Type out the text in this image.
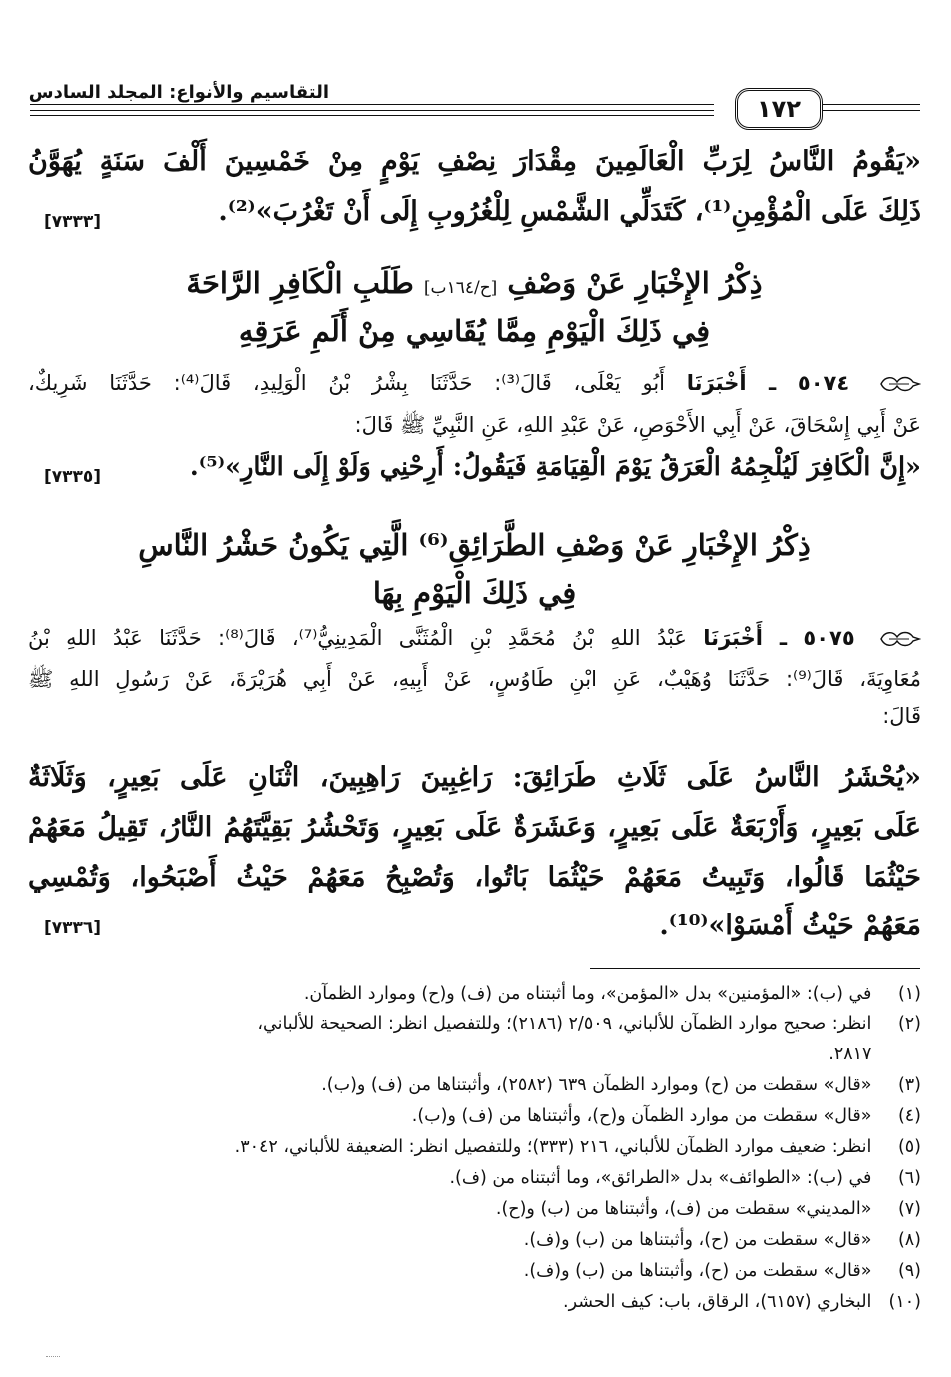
التقاسيم والأنواع: المجلد السادس
١٧٢
«يَقُومُ النَّاسُ لِرَبِّ الْعَالَمِينَ مِقْدَارَ نِصْفِ يَوْمٍ مِنْ خَمْسِينَ أَلْفَ سَنَةٍ يُهَوَّنُ
ذَلِكَ عَلَى الْمُؤْمِنِ⁽¹⁾، كَتَدَلِّي الشَّمْسِ لِلْغُرُوبِ إِلَى أَنْ تَغْرُبَ»⁽²⁾.
[٧٣٣٣]
ذِكْرُ الإِخْبَارِ عَنْ وَصْفِ [ح/١٦٤ب] طَلَبِ الْكَافِرِ الرَّاحَةَ
فِي ذَلِكَ الْيَوْمِ مِمَّا يُقَاسِي مِنْ أَلَمِ عَرَقِهِ
٥٠٧٤ ـ أَخْبَرَنَا أَبُو يَعْلَى، قَالَ⁽³⁾: حَدَّثَنَا بِشْرُ بْنُ الْوَلِيدِ، قَالَ⁽⁴⁾: حَدَّثَنَا شَرِيكٌ،
عَنْ أَبِي إِسْحَاقَ، عَنْ أَبِي الأَحْوَصِ، عَنْ عَبْدِ اللهِ، عَنِ النَّبِيِّ ﷺ قَالَ:
«إِنَّ الْكَافِرَ لَيُلْجِمُهُ الْعَرَقُ يَوْمَ الْقِيَامَةِ فَيَقُولُ: أَرِحْنِي وَلَوْ إِلَى النَّارِ»⁽⁵⁾.
[٧٣٣٥]
ذِكْرُ الإِخْبَارِ عَنْ وَصْفِ الطَّرَائِقِ⁽⁶⁾ الَّتِي يَكُونُ حَشْرُ النَّاسِ
فِي ذَلِكَ الْيَوْمِ بِهَا
٥٠٧٥ ـ أَخْبَرَنَا عَبْدُ اللهِ بْنُ مُحَمَّدِ بْنِ الْمُثَنَّى الْمَدِينِيُّ⁽⁷⁾، قَالَ⁽⁸⁾: حَدَّثَنَا عَبْدُ اللهِ بْنُ
مُعَاوِيَةَ، قَالَ⁽⁹⁾: حَدَّثَنَا وُهَيْبٌ، عَنِ ابْنِ طَاوُسٍ، عَنْ أَبِيهِ، عَنْ أَبِي هُرَيْرَةَ، عَنْ رَسُولِ اللهِ ﷺ
قَالَ:
«يُحْشَرُ النَّاسُ عَلَى ثَلَاثِ طَرَائِقَ: رَاغِبِينَ رَاهِبِينَ، اثْنَانِ عَلَى بَعِيرٍ، وَثَلَاثَةٌ
عَلَى بَعِيرٍ، وَأَرْبَعَةٌ عَلَى بَعِيرٍ، وَعَشَرَةٌ عَلَى بَعِيرٍ، وَتَحْشُرُ بَقِيَّتَهُمُ النَّارُ، تَقِيلُ مَعَهُمْ
حَيْثُمَا قَالُوا، وَتَبِيتُ مَعَهُمْ حَيْثُمَا بَاتُوا، وَتُصْبِحُ مَعَهُمْ حَيْثُ أَصْبَحُوا، وَتُمْسِي
مَعَهُمْ حَيْثُ أَمْسَوْا»⁽¹⁰⁾.
[٧٣٣٦]
(١) في (ب): «المؤمنين» بدل «المؤمن»، وما أثبتناه من (ف) و(ح) وموارد الظمآن.
(٢) انظر: صحيح موارد الظمآن للألباني، ٢/٥٠٩ (٢١٨٦)؛ وللتفصيل انظر: الصحيحة للألباني،
٢٨١٧.
(٣) «قال» سقطت من (ح) وموارد الظمآن ٦٣٩ (٢٥٨٢)، وأثبتناها من (ف) و(ب).
(٤) «قال» سقطت من موارد الظمآن و(ح)، وأثبتناها من (ف) و(ب).
(٥) انظر: ضعيف موارد الظمآن للألباني، ٢١٦ (٣٣٣)؛ وللتفصيل انظر: الضعيفة للألباني، ٣٠٤٢.
(٦) في (ب): «الطوائف» بدل «الطرائق»، وما أثبتناه من (ف).
(٧) «المديني» سقطت من (ف)، وأثبتناها من (ب) و(ح).
(٨) «قال» سقطت من (ح)، وأثبتناها من (ب) و(ف).
(٩) «قال» سقطت من (ح)، وأثبتناها من (ب) و(ف).
(١٠) البخاري (٦١٥٧)، الرقاق، باب: كيف الحشر.
